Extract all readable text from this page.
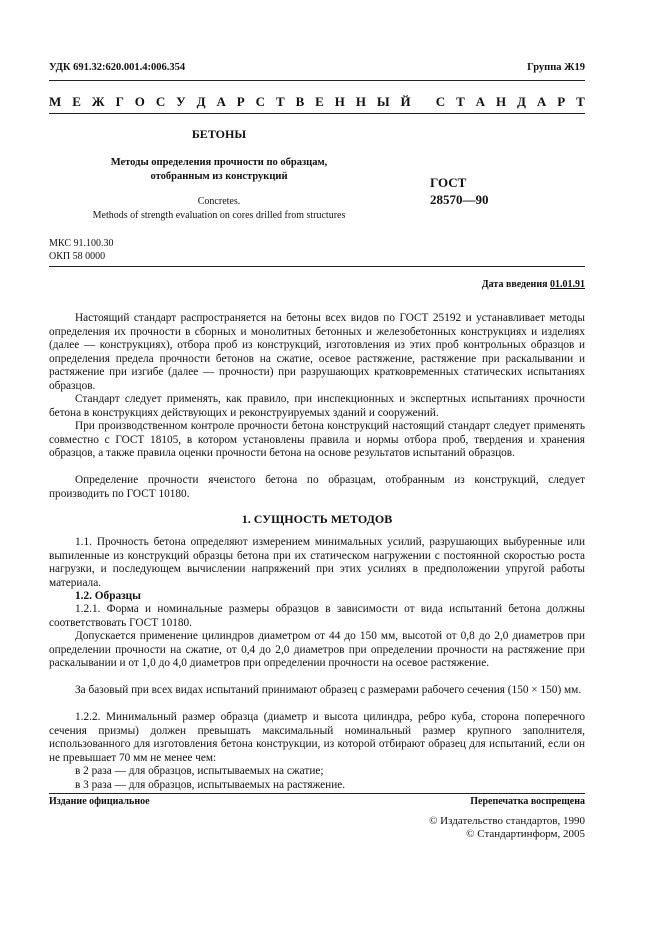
УДК 691.32:620.001.4:006.354	Группа Ж19
М Е Ж Г О С У Д А Р С Т В Е Н Н Ы Й
С Т А Н Д А Р Т
БЕТОНЫ
Методы определения прочности по образцам,
отобранным из конструкций
Concretes.
Methods of strength evaluation on cores drilled from structures
ГОСТ
28570—90
МКС 91.100.30
ОКП 58 0000
Дата введения 01.01.91
Настоящий стандарт распространяется на бетоны всех видов по ГОСТ 25192 и устанавливает методы определения их прочности в сборных и монолитных бетонных и железобетонных конструкциях и изделиях (далее — конструкциях), отбора проб из конструкций, изготовления из этих проб контрольных образцов и определения предела прочности бетонов на сжатие, осевое растяжение, растяжение при раскалывании и растяжение при изгибе (далее — прочности) при разрушающих кратковременных статических испытаниях образцов.
Стандарт следует применять, как правило, при инспекционных и экспертных испытаниях прочности бетона в конструкциях действующих и реконструируемых зданий и сооружений.
При производственном контроле прочности бетона конструкций настоящий стандарт следует применять совместно с ГОСТ 18105, в котором установлены правила и нормы отбора проб, твердения и хранения образцов, а также правила оценки прочности бетона на основе результатов испытаний образцов.
Определение прочности ячеистого бетона по образцам, отобранным из конструкций, следует производить по ГОСТ 10180.
1. СУЩНОСТЬ МЕТОДОВ
1.1. Прочность бетона определяют измерением минимальных усилий, разрушающих выбуренные или выпиленные из конструкций образцы бетона при их статическом нагружении с постоянной скоростью роста нагрузки, и последующем вычислении напряжений при этих усилиях в предположении упругой работы материала.
1.2. Образцы
1.2.1. Форма и номинальные размеры образцов в зависимости от вида испытаний бетона должны соответствовать ГОСТ 10180.
Допускается применение цилиндров диаметром от 44 до 150 мм, высотой от 0,8 до 2,0 диаметров при определении прочности на сжатие, от 0,4 до 2,0 диаметров при определении прочности на растяжение при раскалывании и от 1,0 до 4,0 диаметров при определении прочности на осевое растяжение.
За базовый при всех видах испытаний принимают образец с размерами рабочего сечения (150 × 150) мм.
1.2.2. Минимальный размер образца (диаметр и высота цилиндра, ребро куба, сторона поперечного сечения призмы) должен превышать максимальный номинальный размер крупного заполнителя, использованного для изготовления бетона конструкции, из которой отбирают образец для испытаний, если он не превышает 70 мм не менее чем:
в 2 раза — для образцов, испытываемых на сжатие;
в 3 раза — для образцов, испытываемых на растяжение.
Издание официальное	Перепечатка воспрещена
© Издательство стандартов, 1990
© Стандартинформ, 2005
